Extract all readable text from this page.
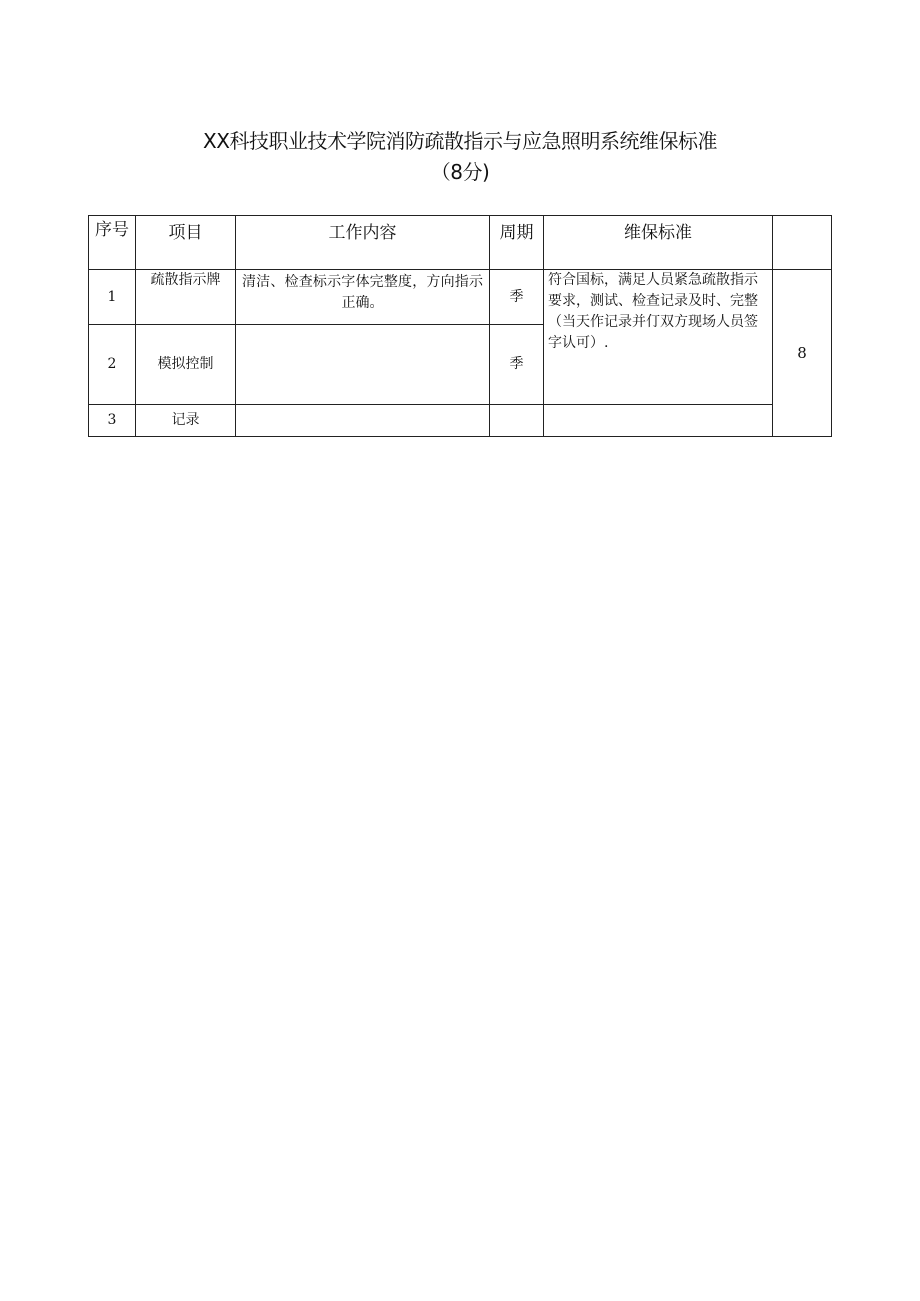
XX科技职业技术学院消防疏散指示与应急照明系统维保标准
（8分)
序号	项目	工作内容	周期	维保标准	
1	疏散指示牌	清洁、检查标示字体完整度，方向指示正确。	季	符合国标，满足人员紧急疏散指示要求，测试、检查记录及时、完整（当天作记录并仃双方现场人员签字认可）.	8
2	模拟控制		季		
3	记录				
